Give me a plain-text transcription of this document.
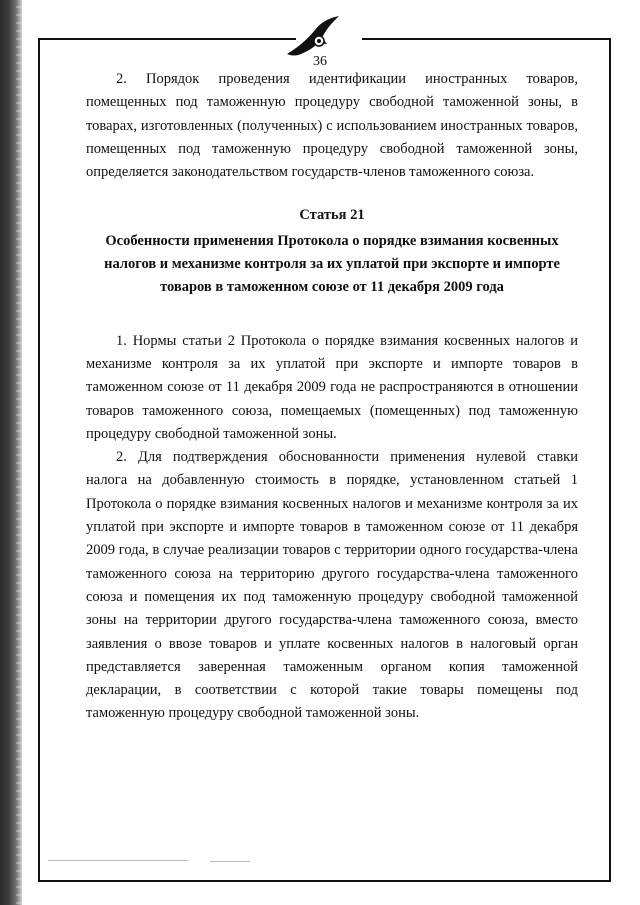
36

2. Порядок проведения идентификации иностранных товаров, помещенных под таможенную процедуру свободной таможенной зоны, в товарах, изготовленных (полученных) с использованием иностранных товаров, помещенных под таможенную процедуру свободной таможенной зоны, определяется законодательством государств-членов таможенного союза.

Статья 21
Особенности применения Протокола о порядке взимания косвенных налогов и механизме контроля за их уплатой при экспорте и импорте товаров в таможенном союзе от 11 декабря 2009 года

1. Нормы статьи 2 Протокола о порядке взимания косвенных налогов и механизме контроля за их уплатой при экспорте и импорте товаров в таможенном союзе от 11 декабря 2009 года не распространяются в отношении товаров таможенного союза, помещаемых (помещенных) под таможенную процедуру свободной таможенной зоны.

2. Для подтверждения обоснованности применения нулевой ставки налога на добавленную стоимость в порядке, установленном статьей 1 Протокола о порядке взимания косвенных налогов и механизме контроля за их уплатой при экспорте и импорте товаров в таможенном союзе от 11 декабря 2009 года, в случае реализации товаров с территории одного государства-члена таможенного союза на территорию другого государства-члена таможенного союза и помещения их под таможенную процедуру свободной таможенной зоны на территории другого государства-члена таможенного союза, вместо заявления о ввозе товаров и уплате косвенных налогов в налоговый орган представляется заверенная таможенным органом копия таможенной декларации, в соответствии с которой такие товары помещены под таможенную процедуру свободной таможенной зоны.
